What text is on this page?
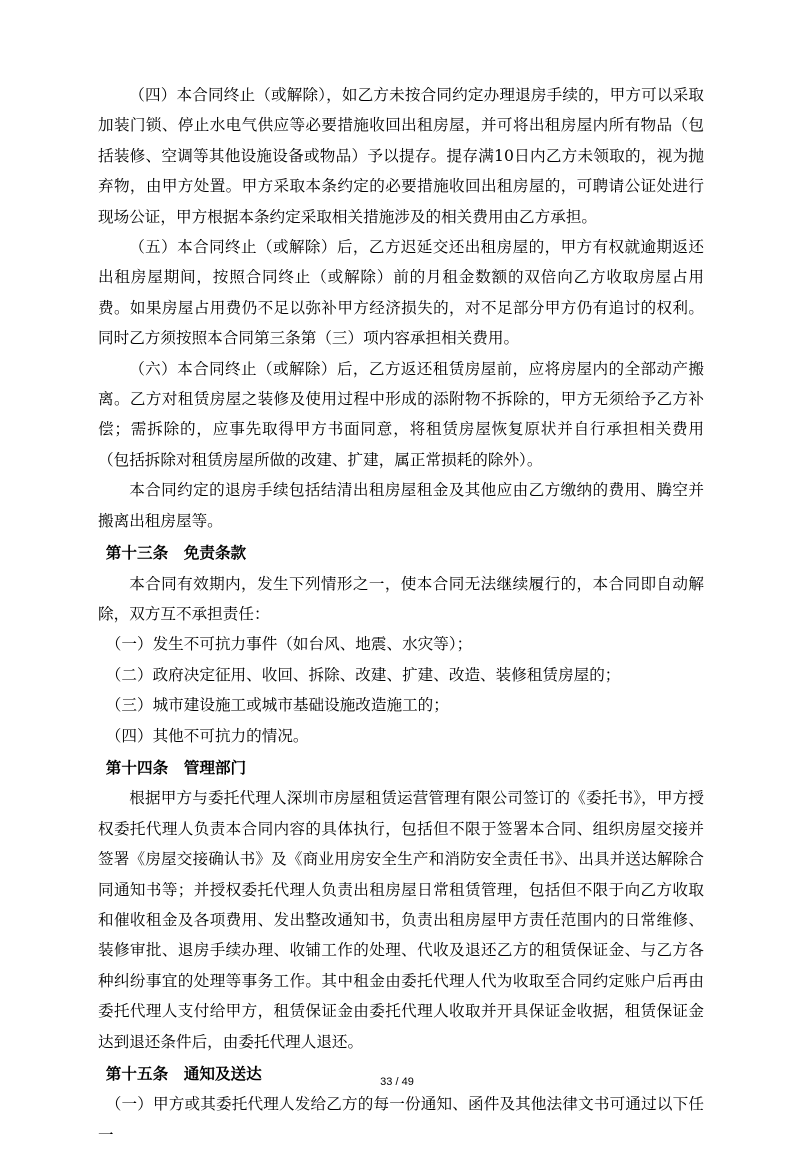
（四）本合同终止（或解除），如乙方未按合同约定办理退房手续的，甲方可以采取加装门锁、停止水电气供应等必要措施收回出租房屋，并可将出租房屋内所有物品（包括装修、空调等其他设施设备或物品）予以提存。提存满10日内乙方未领取的，视为抛弃物，由甲方处置。甲方采取本条约定的必要措施收回出租房屋的，可聘请公证处进行现场公证，甲方根据本条约定采取相关措施涉及的相关费用由乙方承担。

（五）本合同终止（或解除）后，乙方迟延交还出租房屋的，甲方有权就逾期返还出租房屋期间，按照合同终止（或解除）前的月租金数额的双倍向乙方收取房屋占用费。如果房屋占用费仍不足以弥补甲方经济损失的，对不足部分甲方仍有追讨的权利。同时乙方须按照本合同第三条第（三）项内容承担相关费用。

（六）本合同终止（或解除）后，乙方返还租赁房屋前，应将房屋内的全部动产搬离。乙方对租赁房屋之装修及使用过程中形成的添附物不拆除的，甲方无须给予乙方补偿；需拆除的，应事先取得甲方书面同意，将租赁房屋恢复原状并自行承担相关费用（包括拆除对租赁房屋所做的改建、扩建，属正常损耗的除外）。

本合同约定的退房手续包括结清出租房屋租金及其他应由乙方缴纳的费用、腾空并搬离出租房屋等。

第十三条　免责条款

本合同有效期内，发生下列情形之一，使本合同无法继续履行的，本合同即自动解除，双方互不承担责任：

（一）发生不可抗力事件（如台风、地震、水灾等）；

（二）政府决定征用、收回、拆除、改建、扩建、改造、装修租赁房屋的；

（三）城市建设施工或城市基础设施改造施工的；

（四）其他不可抗力的情况。

第十四条　管理部门

根据甲方与委托代理人深圳市房屋租赁运营管理有限公司签订的《委托书》，甲方授权委托代理人负责本合同内容的具体执行，包括但不限于签署本合同、组织房屋交接并签署《房屋交接确认书》及《商业用房安全生产和消防安全责任书》、出具并送达解除合同通知书等；并授权委托代理人负责出租房屋日常租赁管理，包括但不限于向乙方收取和催收租金及各项费用、发出整改通知书，负责出租房屋甲方责任范围内的日常维修、装修审批、退房手续办理、收铺工作的处理、代收及退还乙方的租赁保证金、与乙方各种纠纷事宜的处理等事务工作。其中租金由委托代理人代为收取至合同约定账户后再由委托代理人支付给甲方，租赁保证金由委托代理人收取并开具保证金收据，租赁保证金达到退还条件后，由委托代理人退还。

第十五条　通知及送达

（一）甲方或其委托代理人发给乙方的每一份通知、函件及其他法律文书可通过以下任一

33 / 49
